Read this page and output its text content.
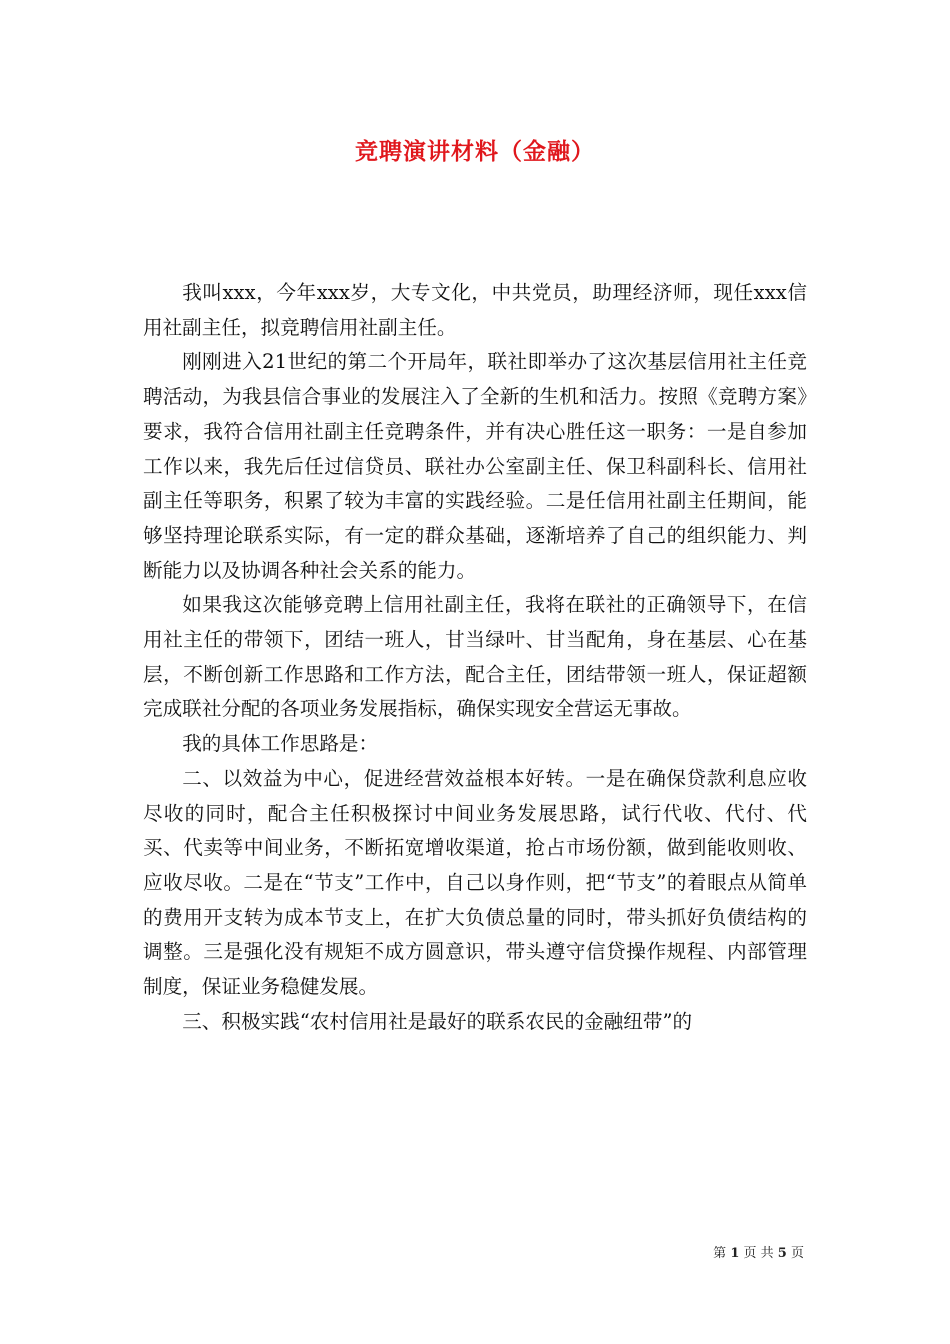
竞聘演讲材料（金融）

我叫xxx，今年xxx岁，大专文化，中共党员，助理经济师，现任xxx信用社副主任，拟竞聘信用社副主任。

刚刚进入21世纪的第二个开局年，联社即举办了这次基层信用社主任竞聘活动，为我县信合事业的发展注入了全新的生机和活力。按照《竞聘方案》要求，我符合信用社副主任竞聘条件，并有决心胜任这一职务：一是自参加工作以来，我先后任过信贷员、联社办公室副主任、保卫科副科长、信用社副主任等职务，积累了较为丰富的实践经验。二是任信用社副主任期间，能够坚持理论联系实际，有一定的群众基础，逐渐培养了自己的组织能力、判断能力以及协调各种社会关系的能力。

如果我这次能够竞聘上信用社副主任，我将在联社的正确领导下，在信用社主任的带领下，团结一班人，甘当绿叶、甘当配角，身在基层、心在基层，不断创新工作思路和工作方法，配合主任，团结带领一班人，保证超额完成联社分配的各项业务发展指标，确保实现安全营运无事故。

我的具体工作思路是：

二、以效益为中心，促进经营效益根本好转。一是在确保贷款利息应收尽收的同时，配合主任积极探讨中间业务发展思路，试行代收、代付、代买、代卖等中间业务，不断拓宽增收渠道，抢占市场份额，做到能收则收、应收尽收。二是在“节支”工作中，自己以身作则，把“节支”的着眼点从简单的费用开支转为成本节支上，在扩大负债总量的同时，带头抓好负债结构的调整。三是强化没有规矩不成方圆意识，带头遵守信贷操作规程、内部管理制度，保证业务稳健发展。

三、积极实践“农村信用社是最好的联系农民的金融纽带”的

第 1 页 共 5 页
